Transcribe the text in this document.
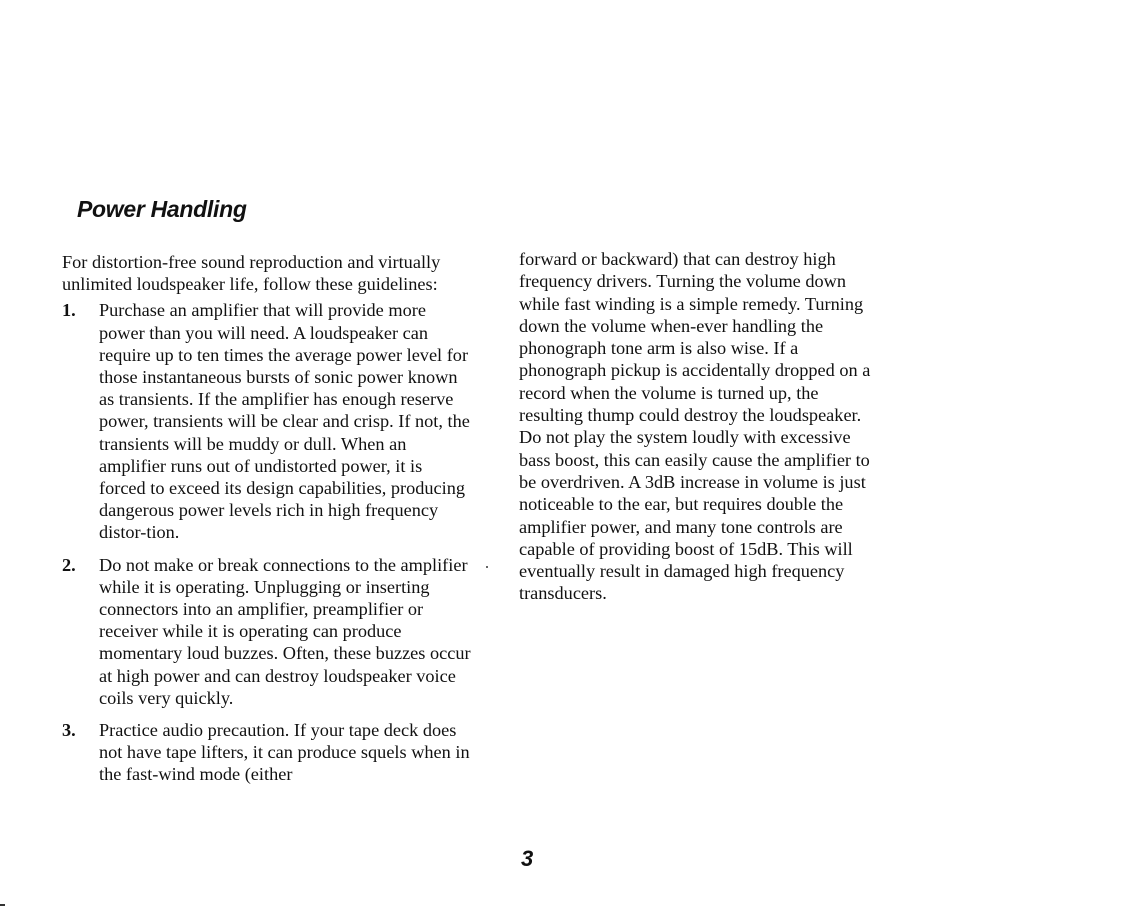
Power Handling

For distortion-free sound reproduction and virtually unlimited loudspeaker life, follow these guidelines:

1. Purchase an amplifier that will provide more power than you will need. A loudspeaker can require up to ten times the average power level for those instantaneous bursts of sonic power known as transients. If the amplifier has enough reserve power, transients will be clear and crisp. If not, the transients will be muddy or dull. When an amplifier runs out of undistorted power, it is forced to exceed its design capabilities, producing dangerous power levels rich in high frequency distor-tion.

2. Do not make or break connections to the amplifier while it is operating. Unplugging or inserting connectors into an amplifier, preamplifier or receiver while it is operating can produce momentary loud buzzes. Often, these buzzes occur at high power and can destroy loudspeaker voice coils very quickly.

3. Practice audio precaution. If your tape deck does not have tape lifters, it can produce squels when in the fast-wind mode (either

forward or backward) that can destroy high frequency drivers. Turning the volume down while fast winding is a simple remedy. Turning down the volume when-ever handling the phonograph tone arm is also wise. If a phonograph pickup is accidentally dropped on a record when the volume is turned up, the resulting thump could destroy the loudspeaker. Do not play the system loudly with excessive bass boost, this can easily cause the amplifier to be overdriven. A 3dB increase in volume is just noticeable to the ear, but requires double the amplifier power, and many tone controls are capable of providing boost of 15dB. This will eventually result in damaged high frequency transducers.

3
